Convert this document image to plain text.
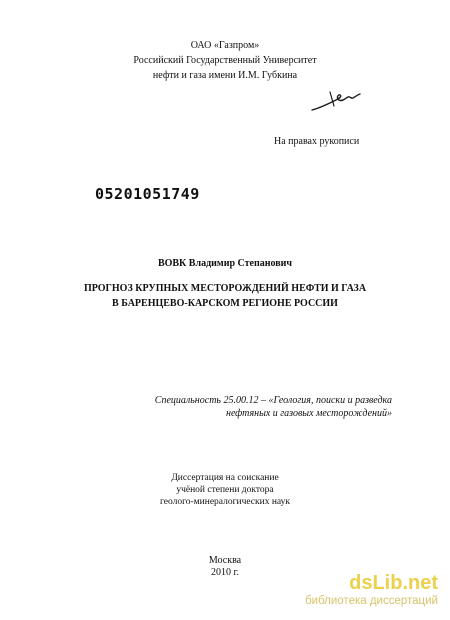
ОАО «Газпром»
Российский Государственный Университет
нефти и газа имени И.М. Губкина
На правах рукописи
05201051749
ВОВК Владимир Степанович
ПРОГНОЗ КРУПНЫХ МЕСТОРОЖДЕНИЙ НЕФТИ И ГАЗА
В БАРЕНЦЕВО-КАРСКОМ РЕГИОНЕ РОССИИ
Специальность 25.00.12 – «Геология, поиски и разведка
нефтяных и газовых месторождений»
Диссертация на соискание
учёной степени доктора
геолого-минералогических наук
Москва
2010 г.	dsLib.net
библиотека диссертаций
